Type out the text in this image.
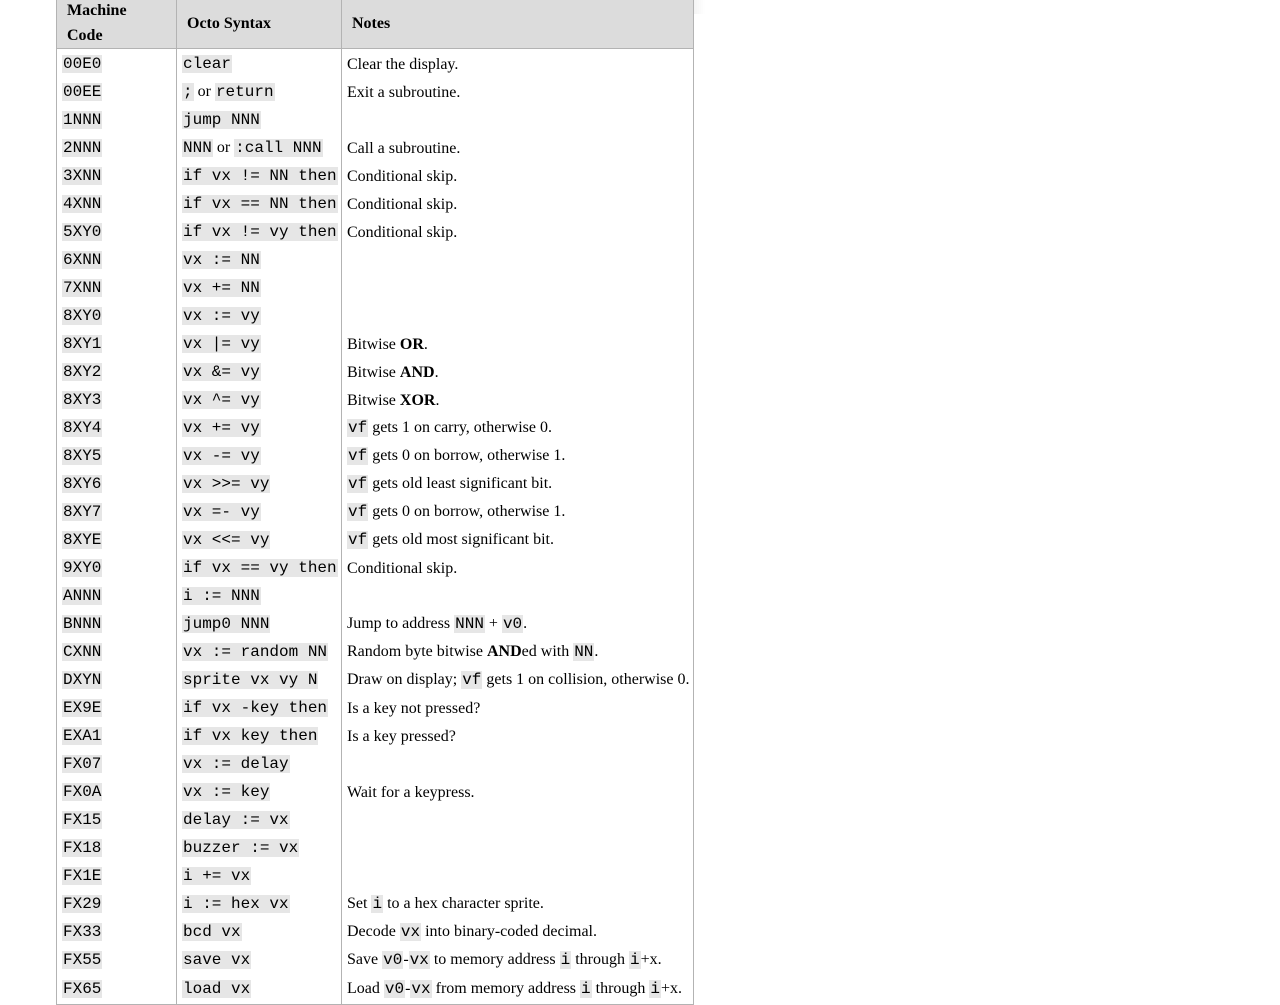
Machine Code	Octo Syntax	Notes
00E0	clear	Clear the display.
00EE	; or return	Exit a subroutine.
1NNN	jump NNN	
2NNN	NNN or :call NNN	Call a subroutine.
3XNN	if vx != NN then	Conditional skip.
4XNN	if vx == NN then	Conditional skip.
5XY0	if vx != vy then	Conditional skip.
6XNN	vx := NN	
7XNN	vx += NN	
8XY0	vx := vy	
8XY1	vx |= vy	Bitwise OR.
8XY2	vx &= vy	Bitwise AND.
8XY3	vx ^= vy	Bitwise XOR.
8XY4	vx += vy	vf gets 1 on carry, otherwise 0.
8XY5	vx -= vy	vf gets 0 on borrow, otherwise 1.
8XY6	vx >>= vy	vf gets old least significant bit.
8XY7	vx =- vy	vf gets 0 on borrow, otherwise 1.
8XYE	vx <<= vy	vf gets old most significant bit.
9XY0	if vx == vy then	Conditional skip.
ANNN	i := NNN	
BNNN	jump0 NNN	Jump to address NNN + v0.
CXNN	vx := random NN	Random byte bitwise ANDed with NN.
DXYN	sprite vx vy N	Draw on display; vf gets 1 on collision, otherwise 0.
EX9E	if vx -key then	Is a key not pressed?
EXA1	if vx key then	Is a key pressed?
FX07	vx := delay	
FX0A	vx := key	Wait for a keypress.
FX15	delay := vx	
FX18	buzzer := vx	
FX1E	i += vx	
FX29	i := hex vx	Set i to a hex character sprite.
FX33	bcd vx	Decode vx into binary-coded decimal.
FX55	save vx	Save v0-vx to memory address i through i+x.
FX65	load vx	Load v0-vx from memory address i through i+x.
